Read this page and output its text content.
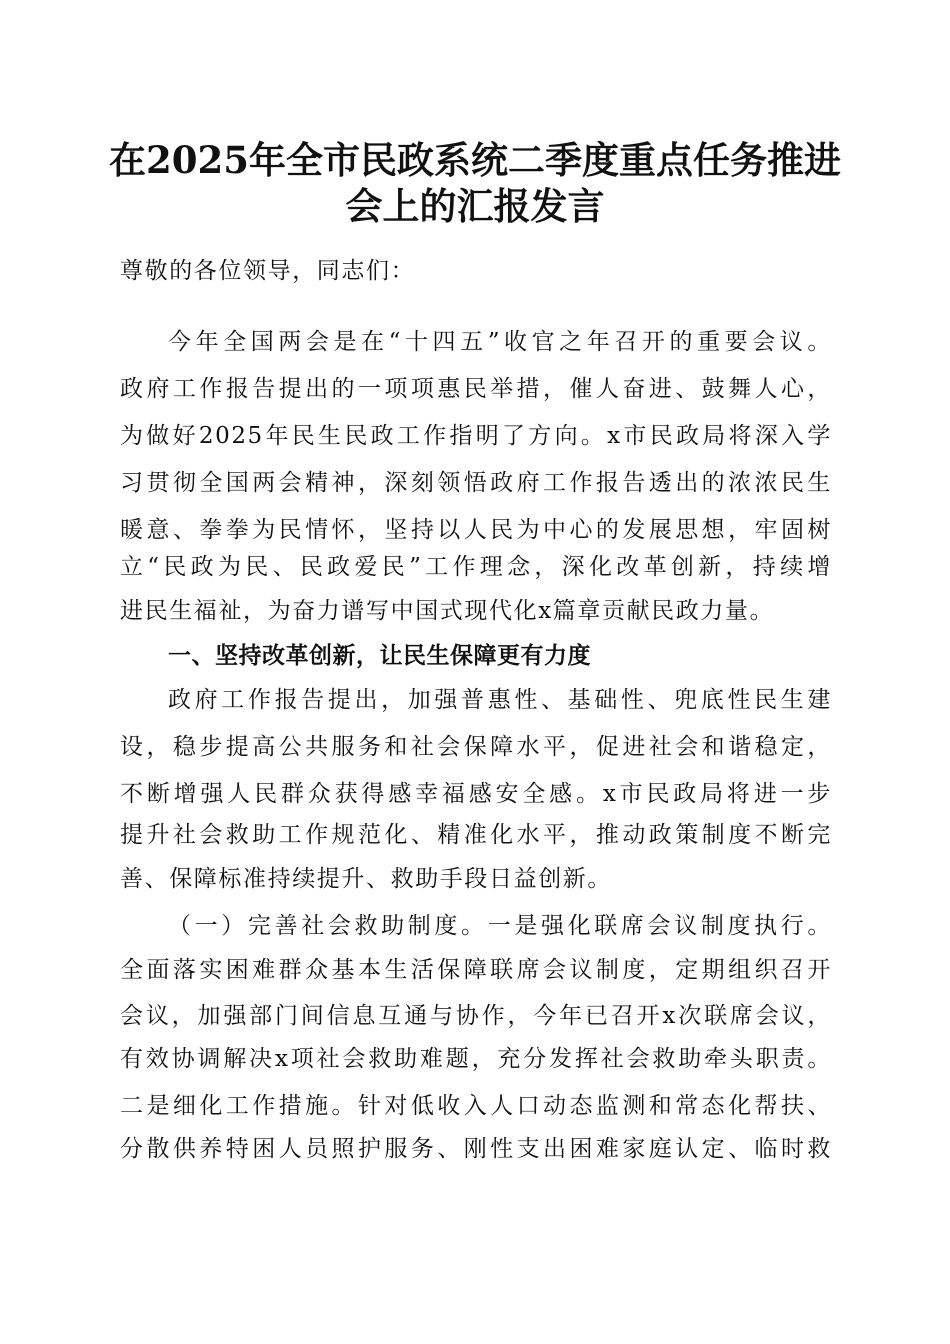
在2025年全市民政系统二季度重点任务推进
会上的汇报发言
尊敬的各位领导，同志们：
今年全国两会是在“十四五”收官之年召开的重要会议。
政府工作报告提出的一项项惠民举措，催人奋进、鼓舞人心，
为做好2025年民生民政工作指明了方向。x市民政局将深入学
习贯彻全国两会精神，深刻领悟政府工作报告透出的浓浓民生
暖意、拳拳为民情怀，坚持以人民为中心的发展思想，牢固树
立“民政为民、民政爱民”工作理念，深化改革创新，持续增
进民生福祉，为奋力谱写中国式现代化x篇章贡献民政力量。
一、坚持改革创新，让民生保障更有力度
政府工作报告提出，加强普惠性、基础性、兜底性民生建
设，稳步提高公共服务和社会保障水平，促进社会和谐稳定，
不断增强人民群众获得感幸福感安全感。x市民政局将进一步
提升社会救助工作规范化、精准化水平，推动政策制度不断完
善、保障标准持续提升、救助手段日益创新。
（一）完善社会救助制度。一是强化联席会议制度执行。
全面落实困难群众基本生活保障联席会议制度，定期组织召开
会议，加强部门间信息互通与协作，今年已召开x次联席会议，
有效协调解决x项社会救助难题，充分发挥社会救助牵头职责。
二是细化工作措施。针对低收入人口动态监测和常态化帮扶、
分散供养特困人员照护服务、刚性支出困难家庭认定、临时救
